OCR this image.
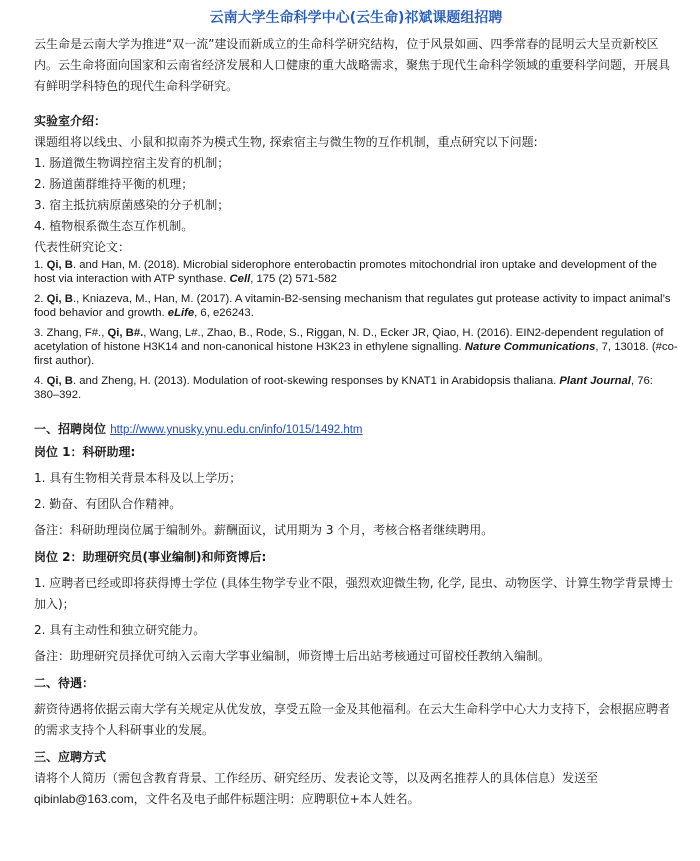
云南大学生命科学中心(云生命)祁斌课题组招聘

云生命是云南大学为推进“双一流”建设而新成立的生命科学研究结构，位于风景如画、四季常春的昆明云大呈贡新校区内。云生命将面向国家和云南省经济发展和人口健康的重大战略需求，聚焦于现代生命科学领域的重要科学问题，开展具有鲜明学科特色的现代生命科学研究。

实验室介绍：
课题组将以线虫、小鼠和拟南芥为模式生物, 探索宿主与微生物的互作机制，重点研究以下问题:
1. 肠道微生物调控宿主发育的机制；
2. 肠道菌群维持平衡的机理；
3. 宿主抵抗病原菌感染的分子机制；
4. 植物根系微生态互作机制。
代表性研究论文：
1. Qi, B. and Han, M. (2018). Microbial siderophore enterobactin promotes mitochondrial iron uptake and development of the host via interaction with ATP synthase. Cell, 175 (2) 571-582
2. Qi, B., Kniazeva, M., Han, M. (2017). A vitamin-B2-sensing mechanism that regulates gut protease activity to impact animal’s food behavior and growth. eLife, 6, e26243.
3. Zhang, F#., Qi, B#., Wang, L#., Zhao, B., Rode, S., Riggan, N. D., Ecker JR, Qiao, H. (2016). EIN2-dependent regulation of acetylation of histone H3K14 and non-canonical histone H3K23 in ethylene signalling. Nature Communications, 7, 13018. (#co-first author).
4. Qi, B. and Zheng, H. (2013). Modulation of root-skewing responses by KNAT1 in Arabidopsis thaliana. Plant Journal, 76: 380–392.
一、招聘岗位 http://www.ynusky.ynu.edu.cn/info/1015/1492.htm
岗位 1：科研助理:
1. 具有生物相关背景本科及以上学历；
2. 勤奋、有团队合作精神。
备注：科研助理岗位属于编制外。薪酬面议，试用期为 3 个月，考核合格者继续聘用。
岗位 2：助理研究员(事业编制)和师资博后:
1. 应聘者已经或即将获得博士学位 (具体生物学专业不限，强烈欢迎微生物, 化学, 昆虫、动物医学、计算生物学背景博士加入)；
2. 具有主动性和独立研究能力。
备注：助理研究员择优可纳入云南大学事业编制，师资博士后出站考核通过可留校任教纳入编制。
二、待遇：
薪资待遇将依据云南大学有关规定从优发放，享受五险一金及其他福利。在云大生命科学中心大力支持下，会根据应聘者的需求支持个人科研事业的发展。
三、应聘方式
请将个人简历（需包含教育背景、工作经历、研究经历、发表论文等，以及两名推荐人的具体信息）发送至
qibinlab@163.com，文件名及电子邮件标题注明：应聘职位+本人姓名。
